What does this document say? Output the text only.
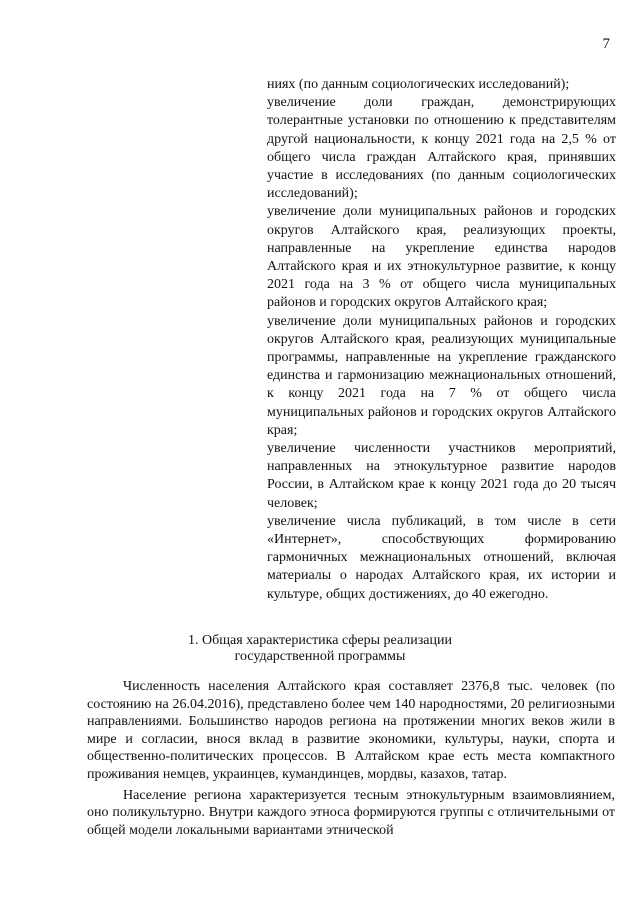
7

ниях (по данным социологических исследований);

увеличение доли граждан, демонстрирующих толерантные установки по отношению к представителям другой национальности, к концу 2021 года на 2,5 % от общего числа граждан Алтайского края, принявших участие в исследованиях (по данным социологических исследований);

увеличение доли муниципальных районов и городских округов Алтайского края, реализующих проекты, направленные на укрепление единства народов Алтайского края и их этнокультурное развитие, к концу 2021 года на 3 % от общего числа муниципальных районов и городских округов Алтайского края;

увеличение доли муниципальных районов и городских округов Алтайского края, реализующих муниципальные программы, направленные на укрепление гражданского единства и гармонизацию межнациональных отношений, к концу 2021 года на 7 % от общего числа муниципальных районов и городских округов Алтайского края;

увеличение численности участников мероприятий, направленных на этнокультурное развитие народов России, в Алтайском крае к концу 2021 года до 20 тысяч человек;

увеличение числа публикаций, в том числе в сети «Интернет», способствующих формированию гармоничных межнациональных отношений, включая материалы о народах Алтайского края, их истории и культуре, общих достижениях, до 40 ежегодно.

1. Общая характеристика сферы реализации
государственной программы

Численность населения Алтайского края составляет 2376,8 тыс. человек (по состоянию на 26.04.2016), представлено более чем 140 народностями, 20 религиозными направлениями. Большинство народов региона на протяжении многих веков жили в мире и согласии, внося вклад в развитие экономики, культуры, науки, спорта и общественно-политических процессов. В Алтайском крае есть места компактного проживания немцев, украинцев, кумандинцев, мордвы, казахов, татар.

Население региона характеризуется тесным этнокультурным взаимовлиянием, оно поликультурно. Внутри каждого этноса формируются группы с отличительными от общей модели локальными вариантами этнической
